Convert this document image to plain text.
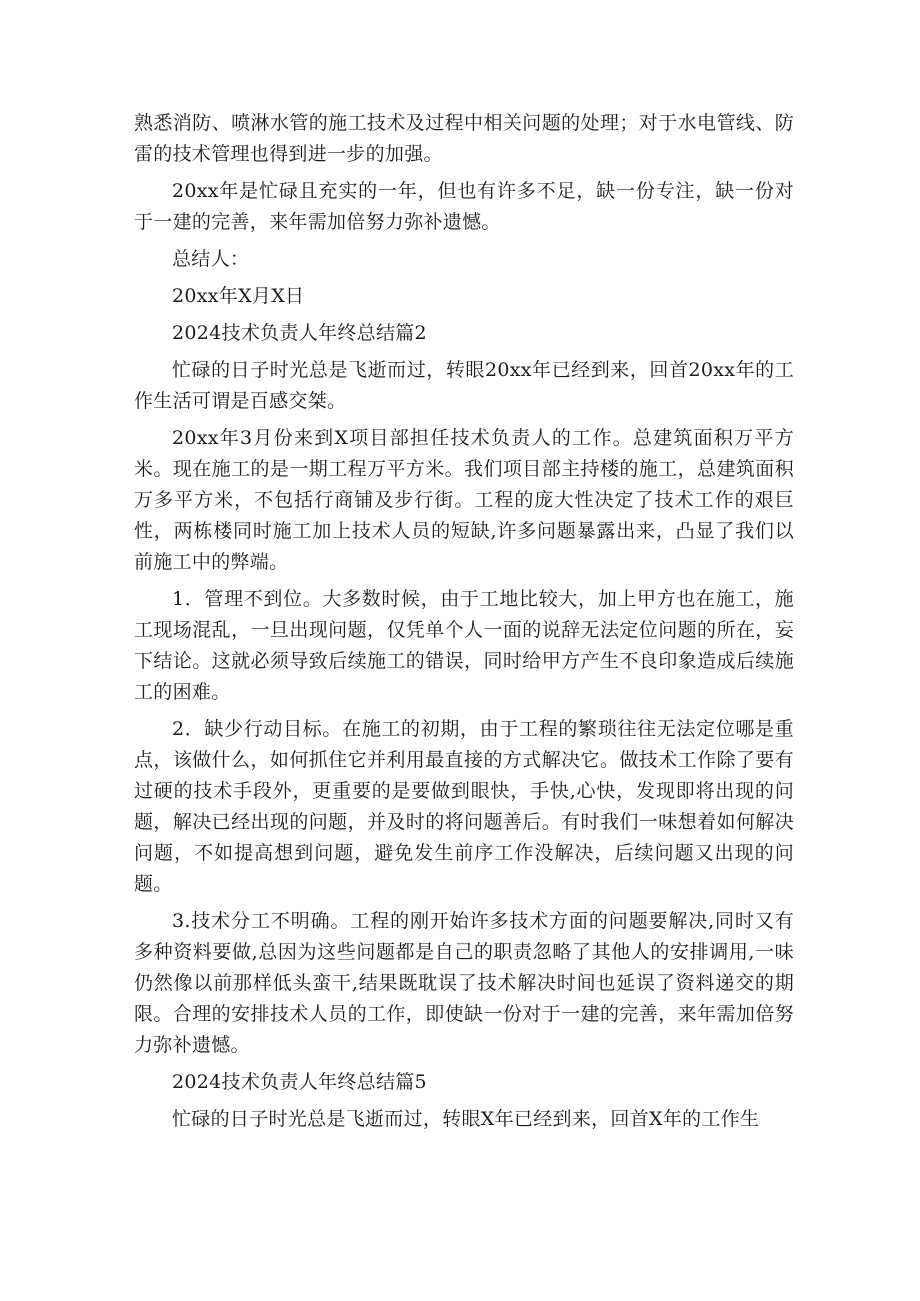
熟悉消防、喷淋水管的施工技术及过程中相关问题的处理；对于水电管线、防雷的技术管理也得到进一步的加强。

20xx年是忙碌且充实的一年，但也有许多不足，缺一份专注，缺一份对于一建的完善，来年需加倍努力弥补遗憾。

总结人：

20xx年X月X日

2024技术负责人年终总结篇2

忙碌的日子时光总是飞逝而过，转眼20xx年已经到来，回首20xx年的工作生活可谓是百感交桀。

20xx年3月份来到X项目部担任技术负责人的工作。总建筑面积万平方米。现在施工的是一期工程万平方米。我们项目部主持楼的施工，总建筑面积万多平方米，不包括行商铺及步行街。工程的庞大性决定了技术工作的艰巨性，两栋楼同时施工加上技术人员的短缺,许多问题暴露出来，凸显了我们以前施工中的弊端。

1．管理不到位。大多数时候，由于工地比较大，加上甲方也在施工，施工现场混乱，一旦出现问题，仅凭单个人一面的说辞无法定位问题的所在，妄下结论。这就必须导致后续施工的错误，同时给甲方产生不良印象造成后续施工的困难。

2．缺少行动目标。在施工的初期，由于工程的繁琐往往无法定位哪是重点，该做什么，如何抓住它并利用最直接的方式解决它。做技术工作除了要有过硬的技术手段外，更重要的是要做到眼快，手快,心快，发现即将出现的问题，解决已经出现的问题，并及时的将问题善后。有时我们一味想着如何解决问题，不如提高想到问题，避免发生前序工作没解决，后续问题又出现的问题。

3.技术分工不明确。工程的刚开始许多技术方面的问题要解决,同时又有多种资料要做,总因为这些问题都是自己的职责忽略了其他人的安排调用,一味仍然像以前那样低头蛮干,结果既耽误了技术解决时间也延误了资料递交的期限。合理的安排技术人员的工作，即使缺一份对于一建的完善，来年需加倍努力弥补遗憾。

2024技术负责人年终总结篇5

忙碌的日子时光总是飞逝而过，转眼X年已经到来，回首X年的工作生
